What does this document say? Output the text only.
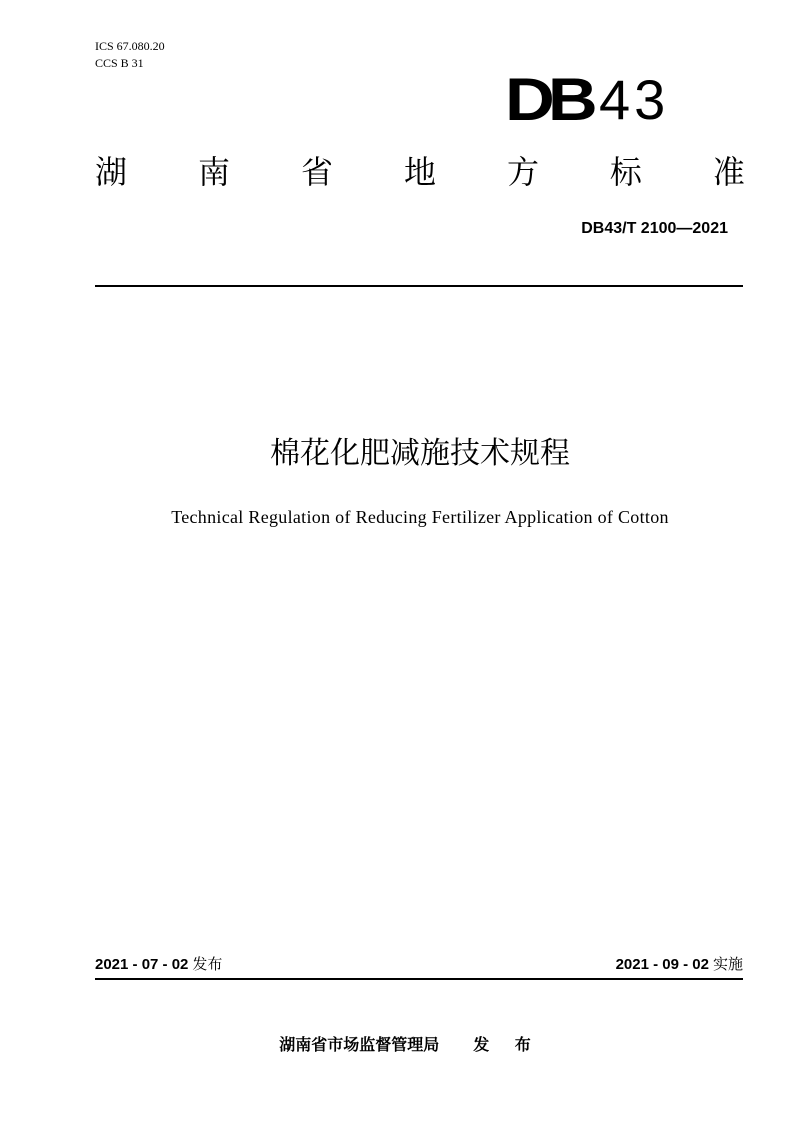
ICS 67.080.20
CCS B 31
DB 43
湖 南 省 地 方 标 准
DB43/T 2100—2021
棉花化肥减施技术规程
Technical Regulation of Reducing Fertilizer Application of Cotton
2021 - 07 - 02 发布	2021 - 09 - 02 实施
湖南省市场监督管理局 发 布
